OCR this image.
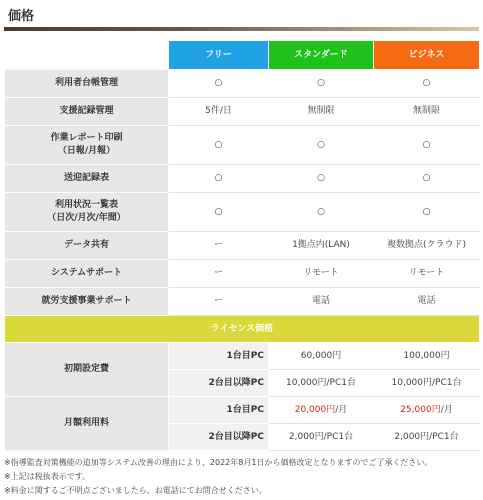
価格
	フリー	スタンダード	ビジネス
利用者台帳管理	○	○	○
支援記録管理	5件/日	無制限	無制限
作業レポート印刷
（日報/月報）	○	○	○
送迎記録表	○	○	○
利用状況一覧表
（日次/月次/年間）	○	○	○
データ共有	ー	1拠点内(LAN)	複数拠点(クラウド)
システムサポート	ー	リモート	リモート
就労支援事業サポート	ー	電話	電話
ライセンス価格			
初期設定費	1台目PC	60,000円	100,000円
	2台目以降PC	10,000円/PC1台	10,000円/PC1台
月額利用料	1台目PC	20,000円/月	25,000円/月
	2台目以降PC	2,000円/PC1台	2,000円/PC1台
※指導監査対策機能の追加等システム改善の理由により、2022年8月1日から価格改定となりますのでご了承ください。
※上記は税抜表示です。
※料金に関するご不明点ございましたら、お電話にてお問合せください。
